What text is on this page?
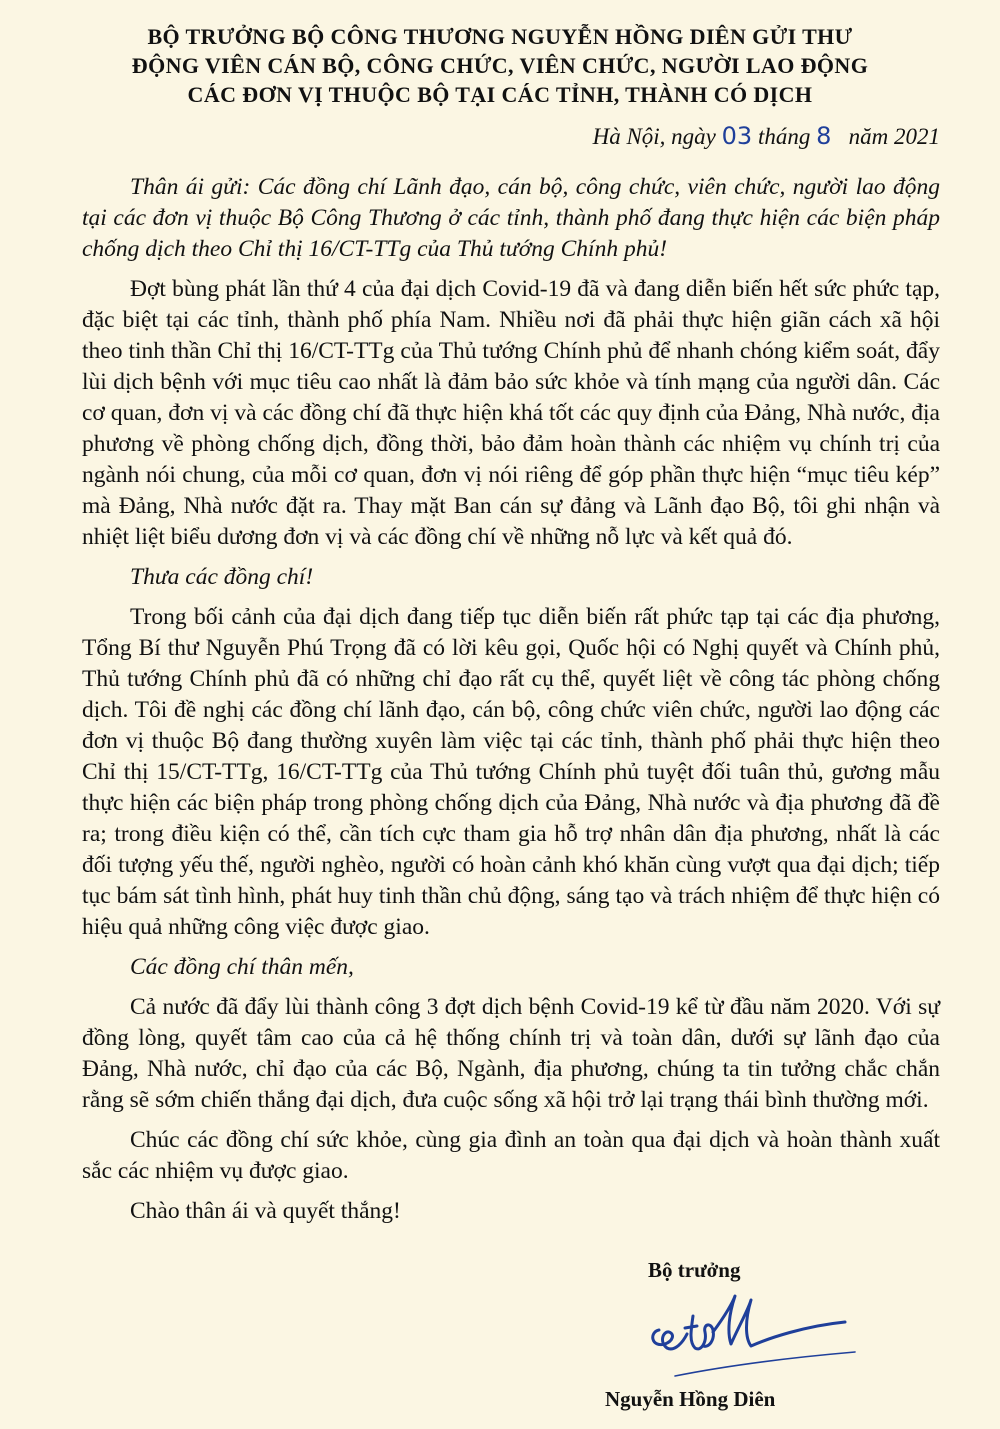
BỘ TRƯỞNG BỘ CÔNG THƯƠNG NGUYỄN HỒNG DIÊN GỬI THƯ
ĐỘNG VIÊN CÁN BỘ, CÔNG CHỨC, VIÊN CHỨC, NGƯỜI LAO ĐỘNG
CÁC ĐƠN VỊ THUỘC BỘ TẠI CÁC TỈNH, THÀNH CÓ DỊCH
Hà Nội, ngày 03 tháng 8 năm 2021

Thân ái gửi: Các đồng chí Lãnh đạo, cán bộ, công chức, viên chức, người lao động tại các đơn vị thuộc Bộ Công Thương ở các tỉnh, thành phố đang thực hiện các biện pháp chống dịch theo Chỉ thị 16/CT-TTg của Thủ tướng Chính phủ!

Đợt bùng phát lần thứ 4 của đại dịch Covid-19 đã và đang diễn biến hết sức phức tạp, đặc biệt tại các tỉnh, thành phố phía Nam. Nhiều nơi đã phải thực hiện giãn cách xã hội theo tinh thần Chỉ thị 16/CT-TTg của Thủ tướng Chính phủ để nhanh chóng kiểm soát, đẩy lùi dịch bệnh với mục tiêu cao nhất là đảm bảo sức khỏe và tính mạng của người dân. Các cơ quan, đơn vị và các đồng chí đã thực hiện khá tốt các quy định của Đảng, Nhà nước, địa phương về phòng chống dịch, đồng thời, bảo đảm hoàn thành các nhiệm vụ chính trị của ngành nói chung, của mỗi cơ quan, đơn vị nói riêng để góp phần thực hiện “mục tiêu kép” mà Đảng, Nhà nước đặt ra. Thay mặt Ban cán sự đảng và Lãnh đạo Bộ, tôi ghi nhận và nhiệt liệt biểu dương đơn vị và các đồng chí về những nỗ lực và kết quả đó.

Thưa các đồng chí!

Trong bối cảnh của đại dịch đang tiếp tục diễn biến rất phức tạp tại các địa phương, Tổng Bí thư Nguyễn Phú Trọng đã có lời kêu gọi, Quốc hội có Nghị quyết và Chính phủ, Thủ tướng Chính phủ đã có những chỉ đạo rất cụ thể, quyết liệt về công tác phòng chống dịch. Tôi đề nghị các đồng chí lãnh đạo, cán bộ, công chức viên chức, người lao động các đơn vị thuộc Bộ đang thường xuyên làm việc tại các tỉnh, thành phố phải thực hiện theo Chỉ thị 15/CT-TTg, 16/CT-TTg của Thủ tướng Chính phủ tuyệt đối tuân thủ, gương mẫu thực hiện các biện pháp trong phòng chống dịch của Đảng, Nhà nước và địa phương đã đề ra; trong điều kiện có thể, cần tích cực tham gia hỗ trợ nhân dân địa phương, nhất là các đối tượng yếu thế, người nghèo, người có hoàn cảnh khó khăn cùng vượt qua đại dịch; tiếp tục bám sát tình hình, phát huy tinh thần chủ động, sáng tạo và trách nhiệm để thực hiện có hiệu quả những công việc được giao.

Các đồng chí thân mến,

Cả nước đã đẩy lùi thành công 3 đợt dịch bệnh Covid-19 kể từ đầu năm 2020. Với sự đồng lòng, quyết tâm cao của cả hệ thống chính trị và toàn dân, dưới sự lãnh đạo của Đảng, Nhà nước, chỉ đạo của các Bộ, Ngành, địa phương, chúng ta tin tưởng chắc chắn rằng sẽ sớm chiến thắng đại dịch, đưa cuộc sống xã hội trở lại trạng thái bình thường mới.

Chúc các đồng chí sức khỏe, cùng gia đình an toàn qua đại dịch và hoàn thành xuất sắc các nhiệm vụ được giao.

Chào thân ái và quyết thắng!

Bộ trưởng
Nguyễn Hồng Diên
